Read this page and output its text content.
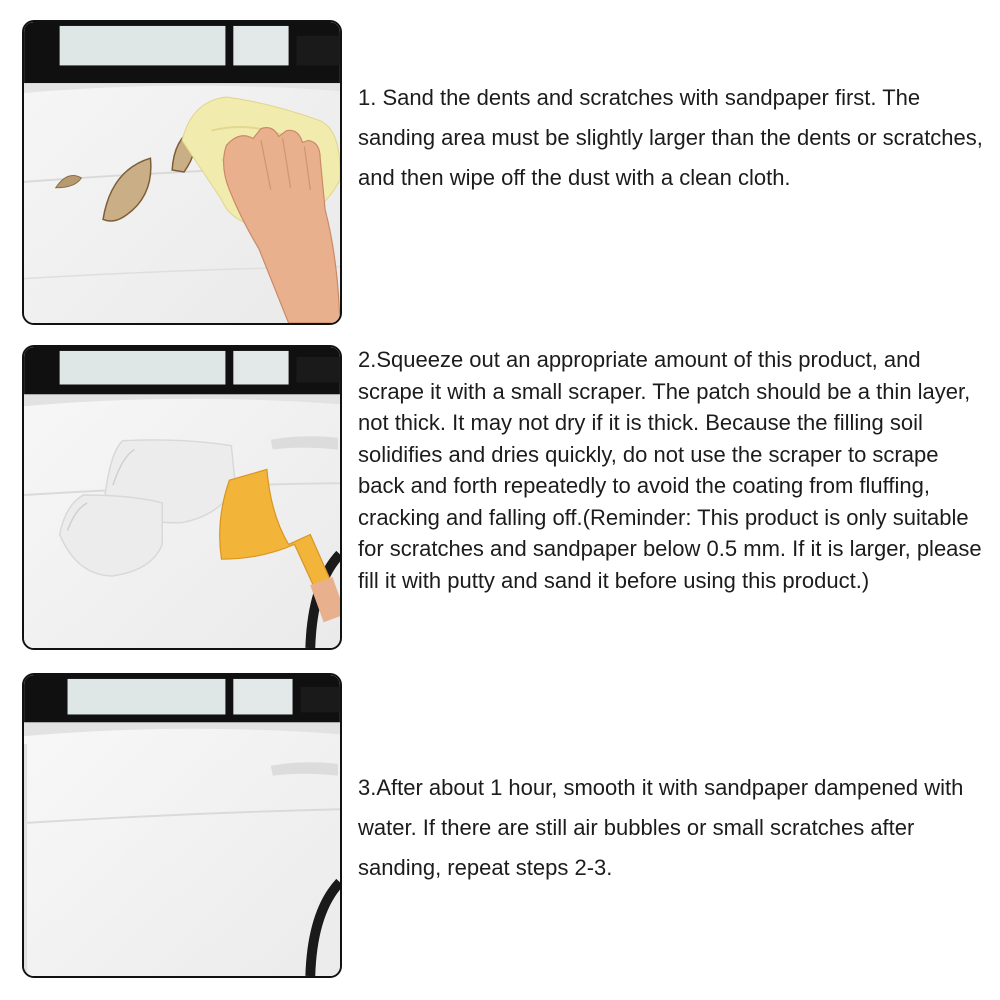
1. Sand the dents and scratches with sandpaper first. The sanding area must be slightly larger than the dents or scratches, and then wipe off the dust with a clean cloth.

2.Squeeze out an appropriate amount of this product, and scrape it with a small scraper. The patch should be a thin layer, not thick. It may not dry if it is thick. Because the filling soil solidifies and dries quickly, do not use the scraper to scrape back and forth repeatedly to avoid the coating from fluffing, cracking and falling off.(Reminder: This product is only suitable for scratches and sandpaper below 0.5 mm. If it is larger, please fill it with putty and sand it before using this product.)

3.After about 1 hour, smooth it with sandpaper dampened with water. If there are still air bubbles or small scratches after sanding, repeat steps 2-3.
